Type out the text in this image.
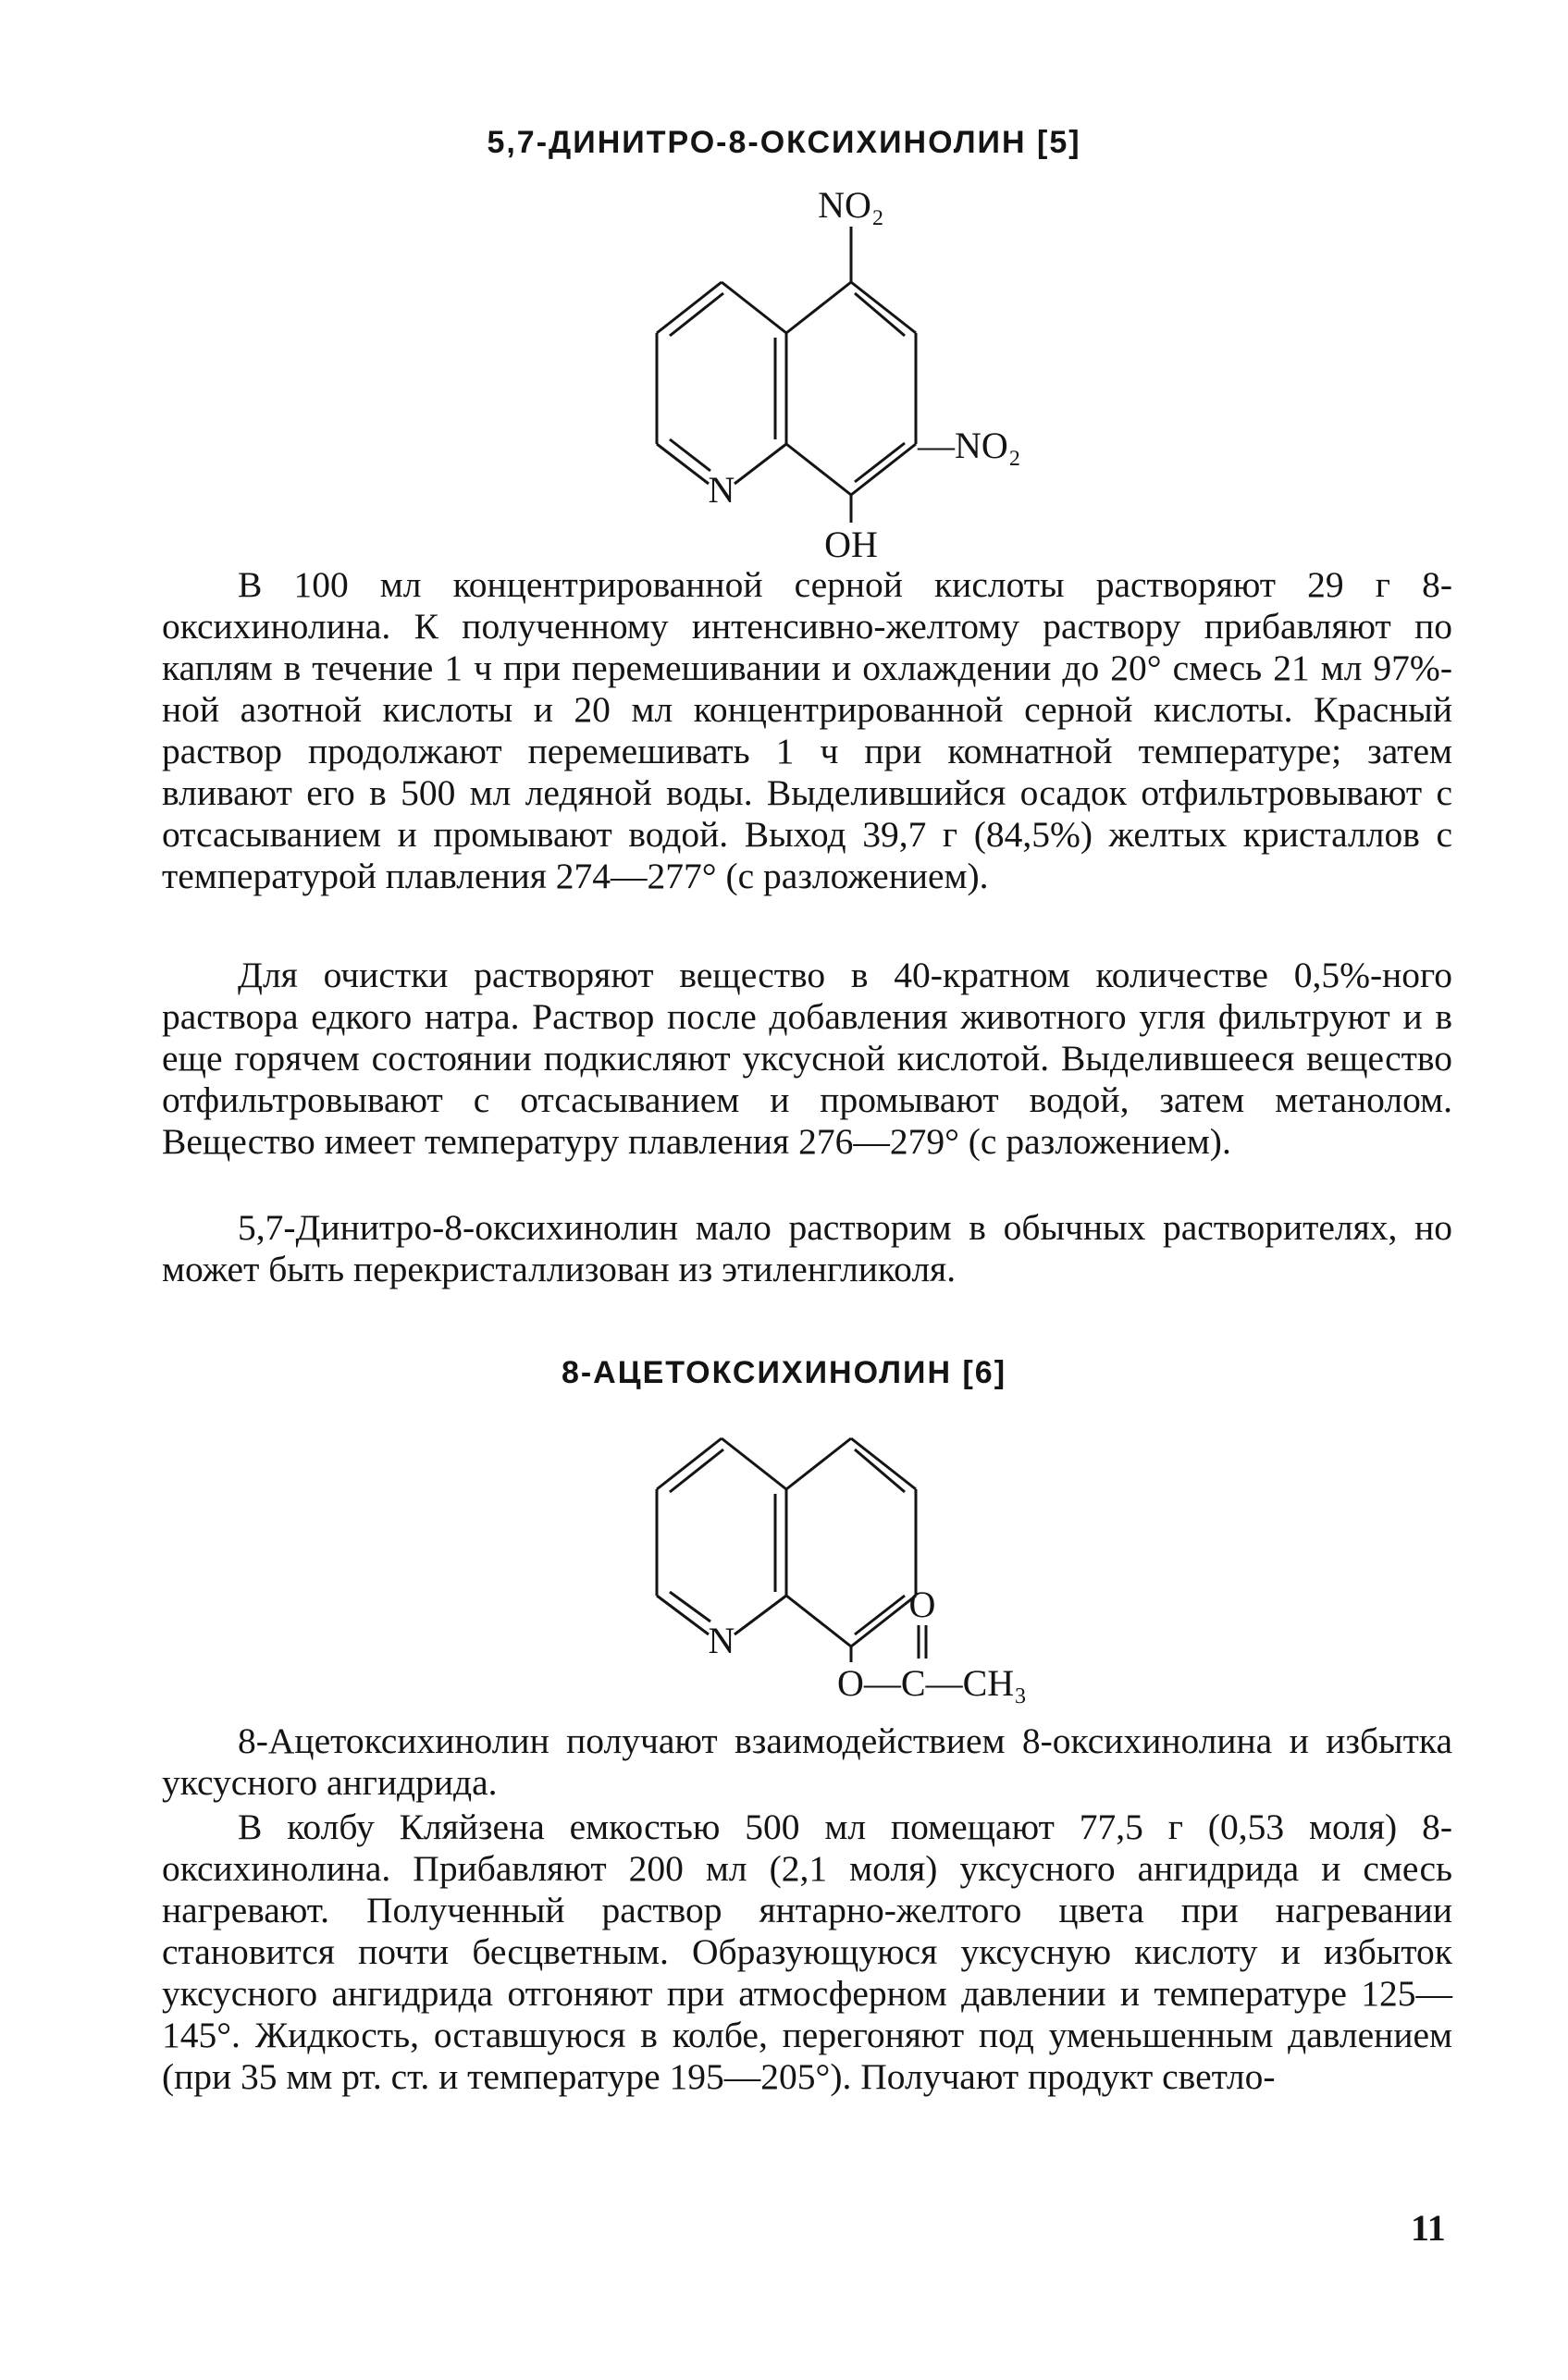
5,7-ДИНИТРО-8-ОКСИХИНОЛИН [5]
NO₂
—NO₂
N
OH

В 100 мл концентрированной серной кислоты растворяют 29 г 8-оксихинолина. К полученному интенсивно-желтому раствору прибавляют по каплям в течение 1 ч при перемешивании и охлаждении до 20° смесь 21 мл 97%-ной азотной кислоты и 20 мл концентрированной серной кислоты. Красный раствор продолжают перемешивать 1 ч при комнатной температуре; затем вливают его в 500 мл ледяной воды. Выделившийся осадок отфильтровывают с отсасыванием и промывают водой. Выход 39,7 г (84,5%) желтых кристаллов с температурой плавления 274—277° (с разложением).

Для очистки растворяют вещество в 40-кратном количестве 0,5%-ного раствора едкого натра. Раствор после добавления животного угля фильтруют и в еще горячем состоянии подкисляют уксусной кислотой. Выделившееся вещество отфильтровывают с отсасыванием и промывают водой, затем метанолом. Вещество имеет температуру плавления 276—279° (с разложением).

5,7-Динитро-8-оксихинолин мало растворим в обычных растворителях, но может быть перекристаллизован из этиленгликоля.

8-АЦЕТОКСИХИНОЛИН [6]
N
O
O—C—CH₃

8-Ацетоксихинолин получают взаимодействием 8-оксихинолина и избытка уксусного ангидрида.

В колбу Кляйзена емкостью 500 мл помещают 77,5 г (0,53 моля) 8-оксихинолина. Прибавляют 200 мл (2,1 моля) уксусного ангидрида и смесь нагревают. Полученный раствор янтарно-желтого цвета при нагревании становится почти бесцветным. Образующуюся уксусную кислоту и избыток уксусного ангидрида отгоняют при атмосферном давлении и температуре 125—145°. Жидкость, оставшуюся в колбе, перегоняют под уменьшенным давлением (при 35 мм рт. ст. и температуре 195—205°). Получают продукт светло-

11
